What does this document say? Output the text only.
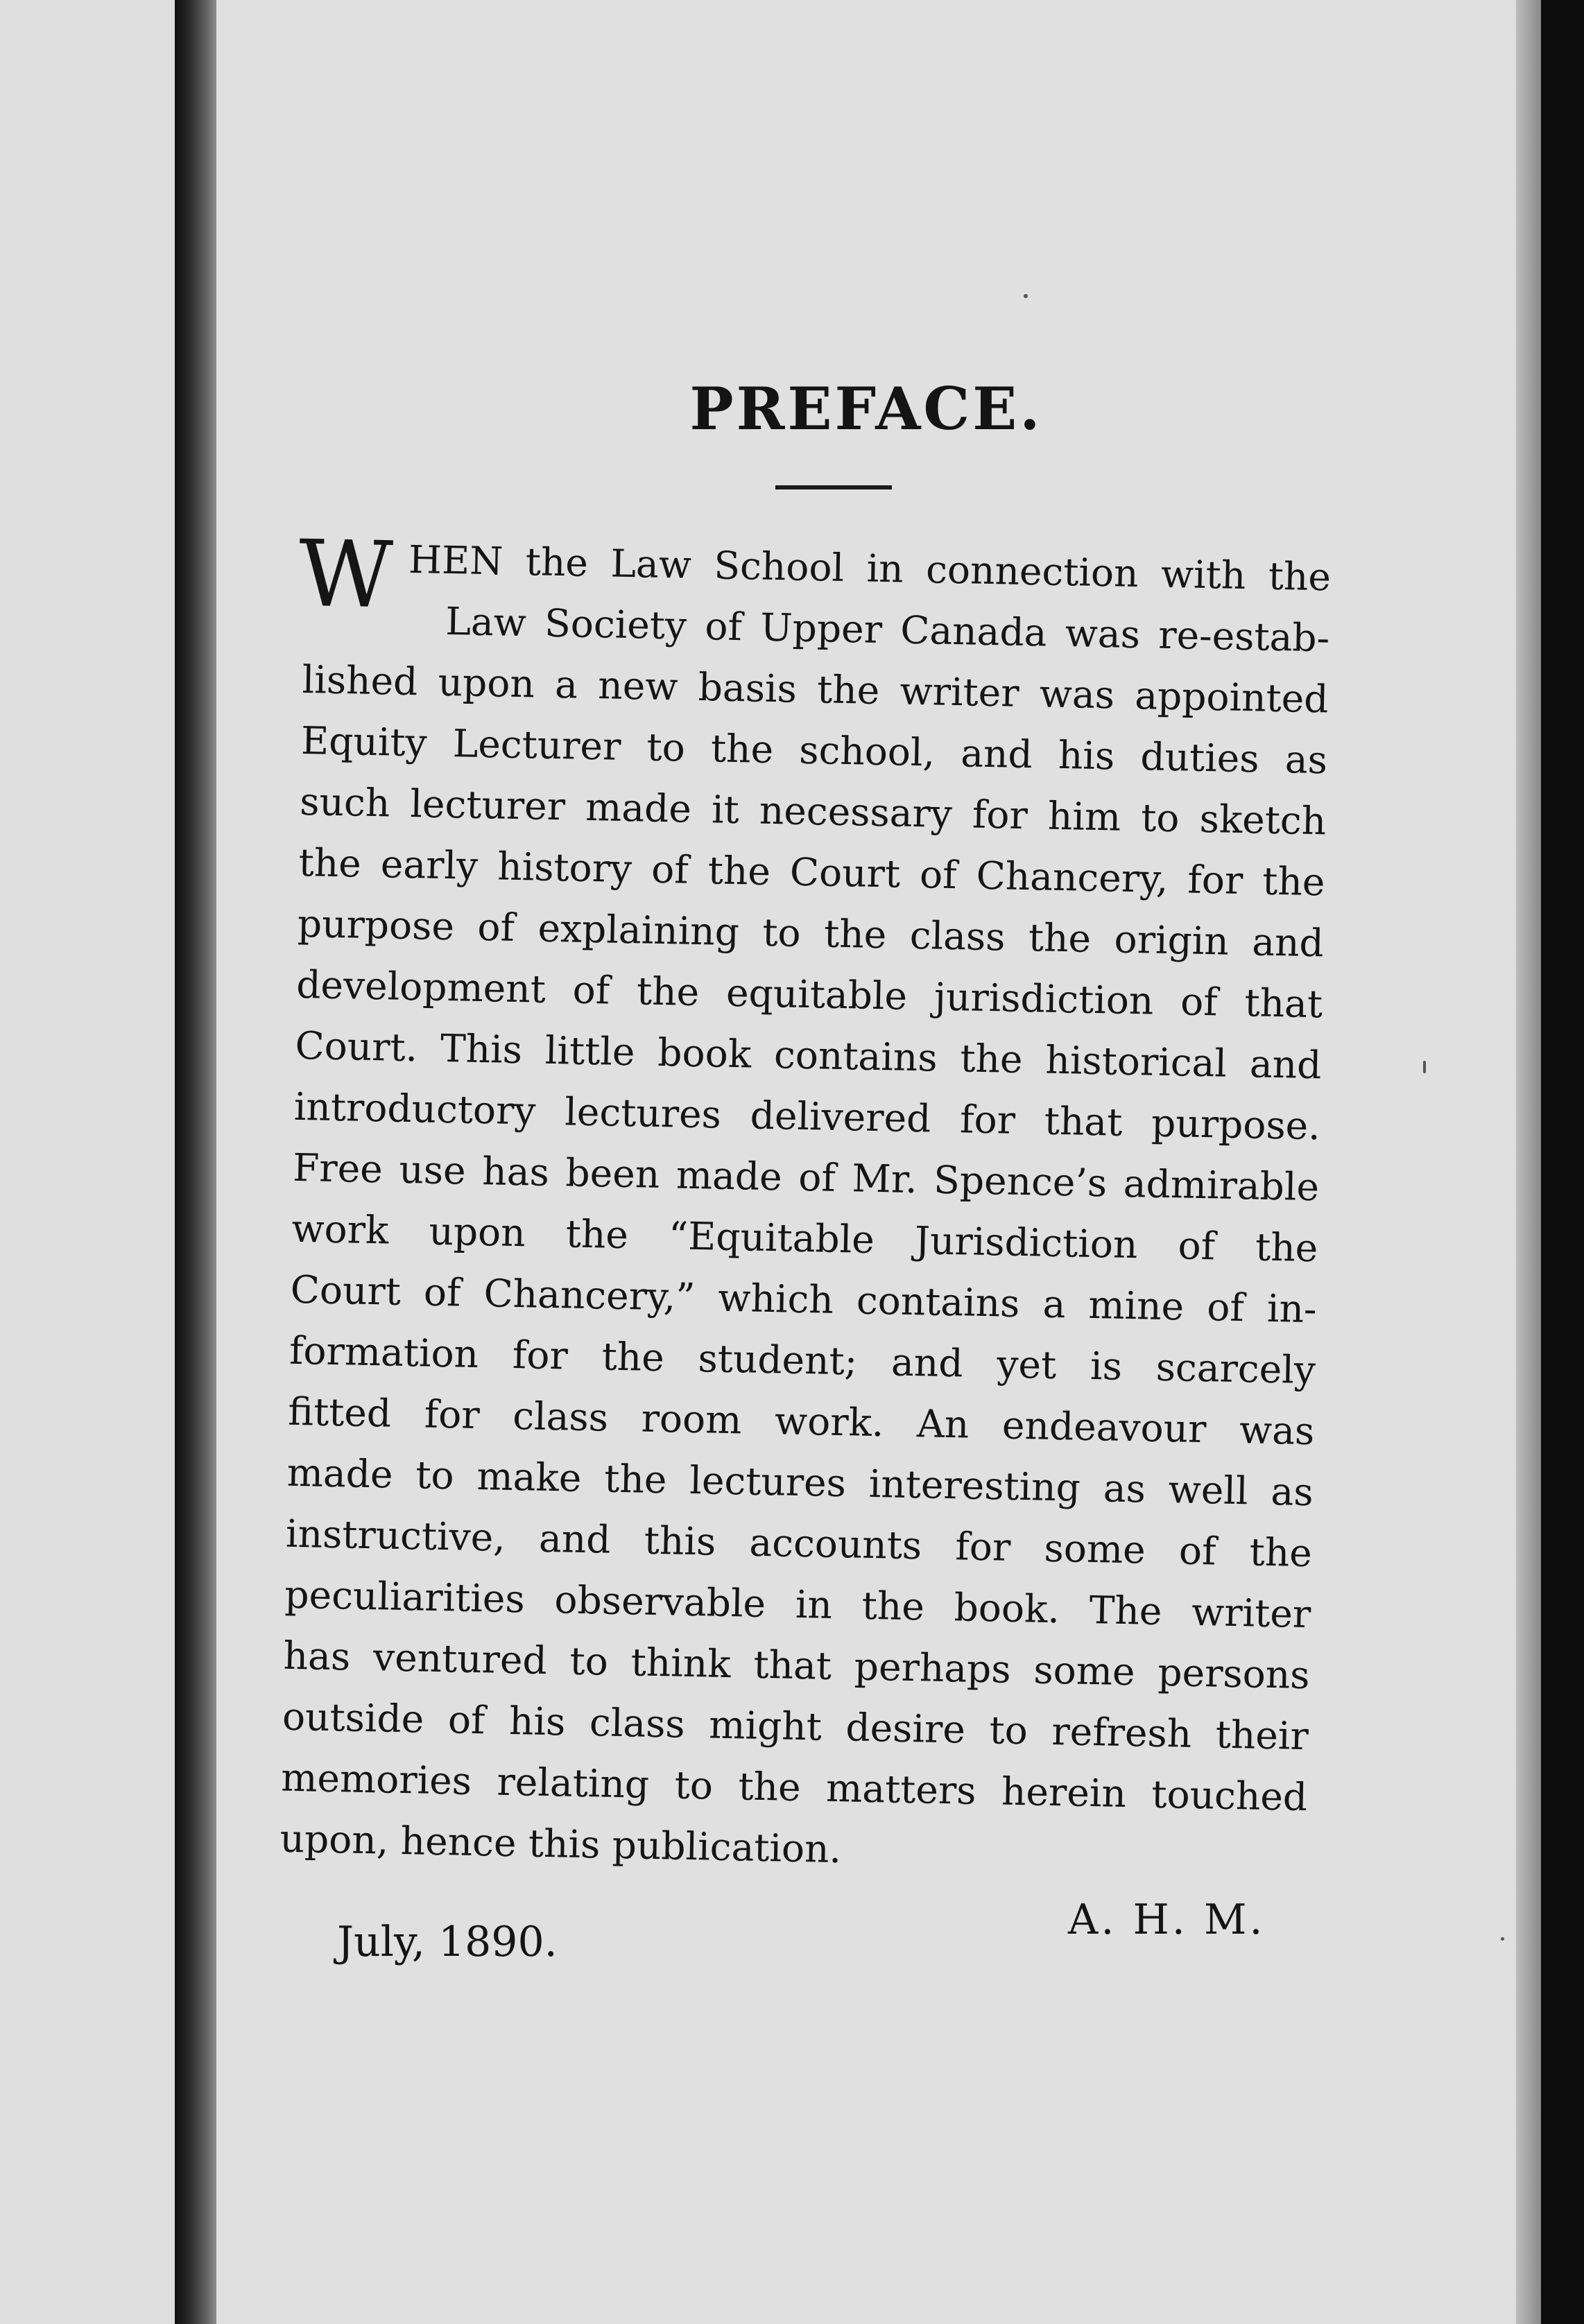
PREFACE.
W HEN the Law School in connection with the
Law Society of Upper Canada was re-estab-
lished upon a new basis the writer was appointed
Equity Lecturer to the school, and his duties as
such lecturer made it necessary for him to sketch
the early history of the Court of Chancery, for the
purpose of explaining to the class the origin and
development of the equitable jurisdiction of that
Court. This little book contains the historical and
introductory lectures delivered for that purpose.
Free use has been made of Mr. Spence’s admirable
work upon the “Equitable Jurisdiction of the
Court of Chancery,” which contains a mine of in-
formation for the student; and yet is scarcely
fitted for class room work. An endeavour was
made to make the lectures interesting as well as
instructive, and this accounts for some of the
peculiarities observable in the book. The writer
has ventured to think that perhaps some persons
outside of his class might desire to refresh their
memories relating to the matters herein touched
upon, hence this publication.
July, 1890.	A. H. M.
